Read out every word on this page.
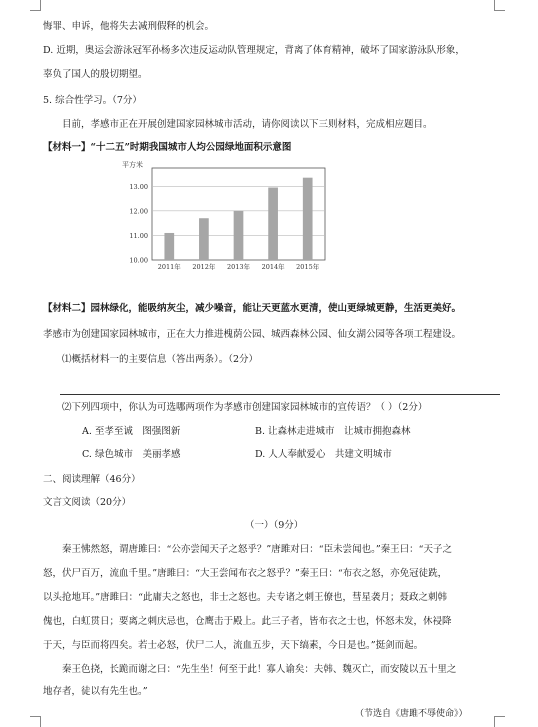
悔罪、申诉，他将失去减刑假释的机会。
D. 近期，奥运会游泳冠军孙杨多次违反运动队管理规定，背离了体育精神，破坏了国家游泳队形象，
辜负了国人的殷切期望。
5. 综合性学习。（7分）
目前，孝感市正在开展创建国家园林城市活动，请你阅读以下三则材料，完成相应题目。
【材料一】“十二五”时期我国城市人均公园绿地面积示意图
平方米
10.00
11.00
12.00
13.00
2011年 2012年 2013年 2014年 2015年
【材料二】园林绿化，能吸纳灰尘，减少噪音，能让天更蓝水更清，使山更绿城更静，生活更美好。
孝感市为创建国家园林城市，正在大力推进槐荫公园、城西森林公园、仙女湖公园等各项工程建设。
⑴概括材料一的主要信息（答出两条）。（2分）
⑵下列四项中，你认为可选哪两项作为孝感市创建国家园林城市的宣传语？（ ）（2分）
A. 至孝至诚　图强图新	B. 让森林走进城市　让城市拥抱森林
C. 绿色城市　美丽孝感	D. 人人奉献爱心　共建文明城市
二、阅读理解（46分）
文言文阅读（20分）
（一）（9分）
秦王怫然怒，谓唐雎曰：“公亦尝闻天子之怒乎？”唐雎对曰：“臣未尝闻也。”秦王曰：“天子之
怒，伏尸百万，流血千里。”唐雎曰：“大王尝闻布衣之怒乎？”秦王曰：“布衣之怒，亦免冠徒跣，
以头抢地耳。”唐雎曰：“此庸夫之怒也，非士之怒也。夫专诸之刺王僚也，彗星袭月；聂政之刺韩
傀也，白虹贯日；要离之刺庆忌也，仓鹰击于殿上。此三子者，皆布衣之士也，怀怒未发，休祲降
于天，与臣而将四矣。若士必怒，伏尸二人，流血五步，天下缟素，今日是也。”挺剑而起。
秦王色挠，长跪而谢之曰：“先生坐！何至于此！寡人谕矣：夫韩、魏灭亡，而安陵以五十里之
地存者，徒以有先生也。”
（节选自《唐雎不辱使命》）
